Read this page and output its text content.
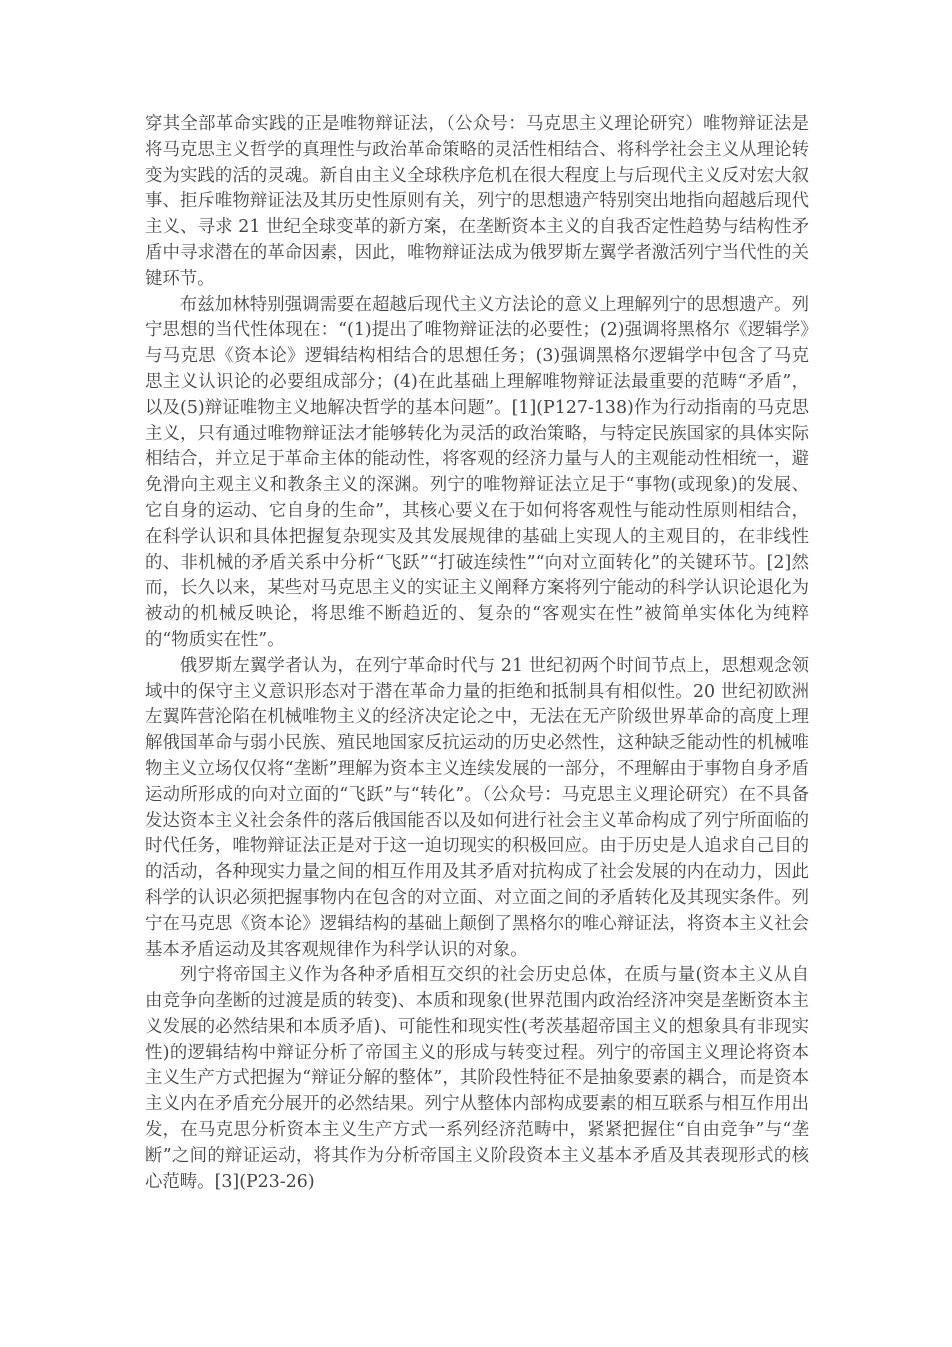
穿其全部革命实践的正是唯物辩证法，（公众号：马克思主义理论研究）唯物辩证法是将马克思主义哲学的真理性与政治革命策略的灵活性相结合、将科学社会主义从理论转变为实践的活的灵魂。新自由主义全球秩序危机在很大程度上与后现代主义反对宏大叙事、拒斥唯物辩证法及其历史性原则有关，列宁的思想遗产特别突出地指向超越后现代主义、寻求 21 世纪全球变革的新方案，在垄断资本主义的自我否定性趋势与结构性矛盾中寻求潜在的革命因素，因此，唯物辩证法成为俄罗斯左翼学者激活列宁当代性的关键环节。

布兹加林特别强调需要在超越后现代主义方法论的意义上理解列宁的思想遗产。列宁思想的当代性体现在：“(1)提出了唯物辩证法的必要性；(2)强调将黑格尔《逻辑学》与马克思《资本论》逻辑结构相结合的思想任务；(3)强调黑格尔逻辑学中包含了马克思主义认识论的必要组成部分；(4)在此基础上理解唯物辩证法最重要的范畴“矛盾”，以及(5)辩证唯物主义地解决哲学的基本问题”。[1](P127-138)作为行动指南的马克思主义，只有通过唯物辩证法才能够转化为灵活的政治策略，与特定民族国家的具体实际相结合，并立足于革命主体的能动性，将客观的经济力量与人的主观能动性相统一，避免滑向主观主义和教条主义的深渊。列宁的唯物辩证法立足于“事物(或现象)的发展、它自身的运动、它自身的生命”，其核心要义在于如何将客观性与能动性原则相结合，在科学认识和具体把握复杂现实及其发展规律的基础上实现人的主观目的，在非线性的、非机械的矛盾关系中分析“飞跃”“打破连续性”“向对立面转化”的关键环节。[2]然而，长久以来，某些对马克思主义的实证主义阐释方案将列宁能动的科学认识论退化为被动的机械反映论，将思维不断趋近的、复杂的“客观实在性”被简单实体化为纯粹的“物质实在性”。

俄罗斯左翼学者认为，在列宁革命时代与 21 世纪初两个时间节点上，思想观念领域中的保守主义意识形态对于潜在革命力量的拒绝和抵制具有相似性。20 世纪初欧洲左翼阵营沦陷在机械唯物主义的经济决定论之中，无法在无产阶级世界革命的高度上理解俄国革命与弱小民族、殖民地国家反抗运动的历史必然性，这种缺乏能动性的机械唯物主义立场仅仅将“垄断”理解为资本主义连续发展的一部分，不理解由于事物自身矛盾运动所形成的向对立面的“飞跃”与“转化”。（公众号：马克思主义理论研究）在不具备发达资本主义社会条件的落后俄国能否以及如何进行社会主义革命构成了列宁所面临的时代任务，唯物辩证法正是对于这一迫切现实的积极回应。由于历史是人追求自己目的的活动，各种现实力量之间的相互作用及其矛盾对抗构成了社会发展的内在动力，因此科学的认识必须把握事物内在包含的对立面、对立面之间的矛盾转化及其现实条件。列宁在马克思《资本论》逻辑结构的基础上颠倒了黑格尔的唯心辩证法，将资本主义社会基本矛盾运动及其客观规律作为科学认识的对象。

列宁将帝国主义作为各种矛盾相互交织的社会历史总体，在质与量(资本主义从自由竞争向垄断的过渡是质的转变)、本质和现象(世界范围内政治经济冲突是垄断资本主义发展的必然结果和本质矛盾)、可能性和现实性(考茨基超帝国主义的想象具有非现实性)的逻辑结构中辩证分析了帝国主义的形成与转变过程。列宁的帝国主义理论将资本主义生产方式把握为“辩证分解的整体”，其阶段性特征不是抽象要素的耦合，而是资本主义内在矛盾充分展开的必然结果。列宁从整体内部构成要素的相互联系与相互作用出发，在马克思分析资本主义生产方式一系列经济范畴中，紧紧把握住“自由竞争”与“垄断”之间的辩证运动，将其作为分析帝国主义阶段资本主义基本矛盾及其表现形式的核心范畴。[3](P23-26)
